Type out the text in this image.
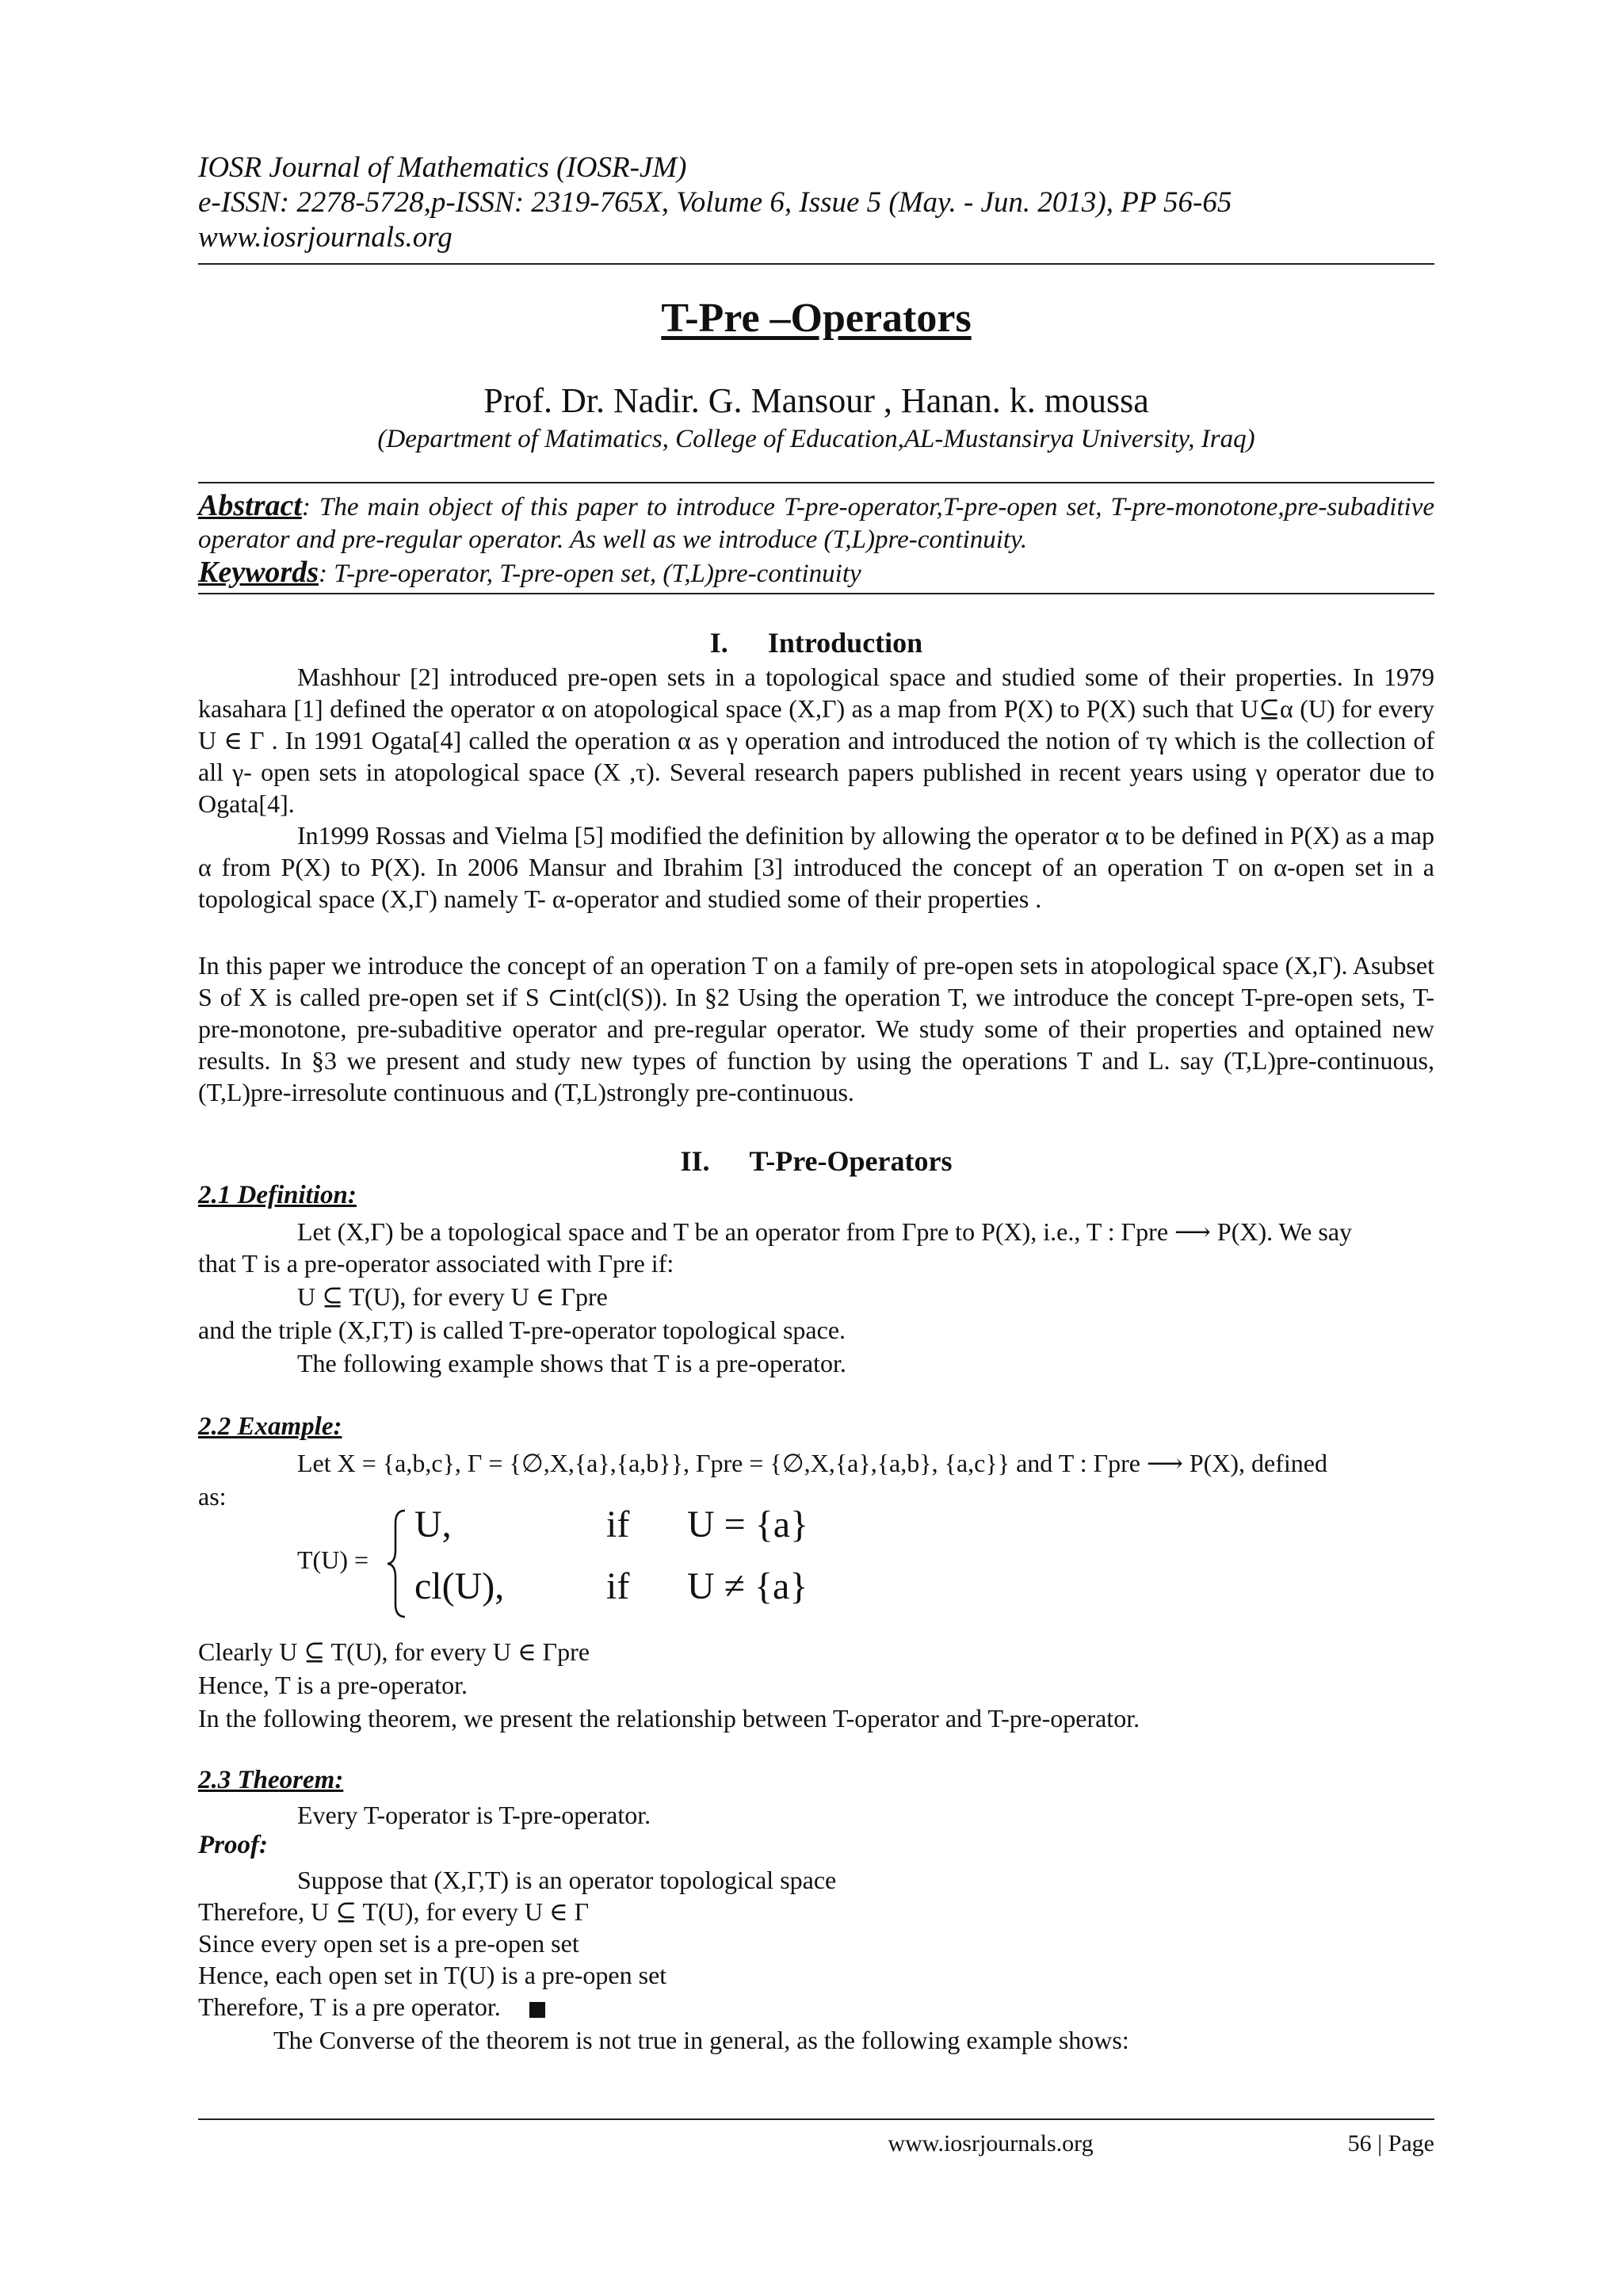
IOSR Journal of Mathematics (IOSR-JM)
e-ISSN: 2278-5728,p-ISSN: 2319-765X, Volume 6, Issue 5 (May. - Jun. 2013), PP 56-65
www.iosrjournals.org
T-Pre –Operators
Prof. Dr. Nadir. G. Mansour , Hanan. k. moussa
(Department of Matimatics, College of Education,AL-Mustansirya University, Iraq)
Abstract: The main object of this paper to introduce T-pre-operator,T-pre-open set, T-pre-monotone,pre-subaditive operator and pre-regular operator. As well as we introduce (T,L)pre-continuity.
Keywords: T-pre-operator, T-pre-open set, (T,L)pre-continuity
I. Introduction
Mashhour [2] introduced pre-open sets in a topological space and studied some of their properties. In 1979 kasahara [1] defined the operator α on atopological space (X,Γ) as a map from P(X) to P(X) such that U⊆α (U) for every U ∈ Γ . In 1991 Ogata[4] called the operation α as γ operation and introduced the notion of τγ which is the collection of all γ- open sets in atopological space (X ,τ). Several research papers published in recent years using γ operator due to Ogata[4].
In1999 Rossas and Vielma [5] modified the definition by allowing the operator α to be defined in P(X) as a map α from P(X) to P(X). In 2006 Mansur and Ibrahim [3] introduced the concept of an operation T on α-open set in a topological space (X,Γ) namely T- α-operator and studied some of their properties .
In this paper we introduce the concept of an operation T on a family of pre-open sets in atopological space (X,Γ). Asubset S of X is called pre-open set if S ⊂int(cl(S)). In §2 Using the operation T, we introduce the concept T-pre-open sets, T-pre-monotone, pre-subaditive operator and pre-regular operator. We study some of their properties and optained new results. In §3 we present and study new types of function by using the operations T and L. say (T,L)pre-continuous, (T,L)pre-irresolute continuous and (T,L)strongly pre-continuous.
II. T-Pre-Operators
2.1 Definition:
Let (X,Γ) be a topological space and T be an operator from Γpre to P(X), i.e., T : Γpre ⟶ P(X). We say
that T is a pre-operator associated with Γpre if:
U ⊆ T(U), for every U ∈ Γpre
and the triple (X,Γ,T) is called T-pre-operator topological space.
The following example shows that T is a pre-operator.
2.2 Example:
Let X = {a,b,c}, Γ = {∅,X,{a},{a,b}}, Γpre = {∅,X,{a},{a,b}, {a,c}} and T : Γpre ⟶ P(X), defined
as:
T(U) =
U,	if U = {a}
cl(U),	if U ≠ {a}
Clearly U ⊆ T(U), for every U ∈ Γpre
Hence, T is a pre-operator.
In the following theorem, we present the relationship between T-operator and T-pre-operator.
2.3 Theorem:
Every T-operator is T-pre-operator.
Proof:
Suppose that (X,Γ,T) is an operator topological space
Therefore, U ⊆ T(U), for every U ∈ Γ
Since every open set is a pre-open set
Hence, each open set in T(U) is a pre-open set
Therefore, T is a pre operator.
The Converse of the theorem is not true in general, as the following example shows:
www.iosrjournals.org	56 | Page
